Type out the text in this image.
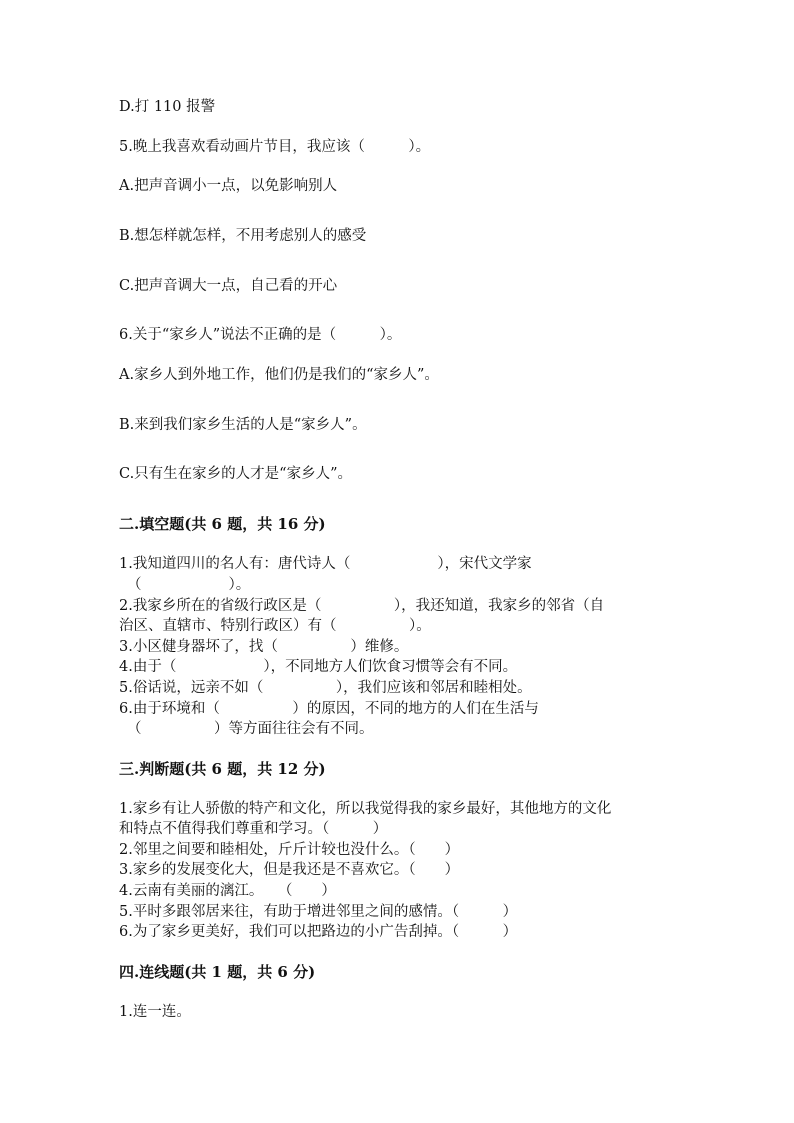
D.打 110 报警
5.晚上我喜欢看动画片节目，我应该（　　　）。
A.把声音调小一点，以免影响别人
B.想怎样就怎样，不用考虑别人的感受
C.把声音调大一点，自己看的开心
6.关于“家乡人”说法不正确的是（　　　）。
A.家乡人到外地工作，他们仍是我们的“家乡人”。
B.来到我们家乡生活的人是“家乡人”。
C.只有生在家乡的人才是“家乡人”。
二.填空题(共 6 题，共 16 分)
1.我知道四川的名人有：唐代诗人（　　　　　　），宋代文学家
（　　　　　　）。
2.我家乡所在的省级行政区是（　　　　　），我还知道，我家乡的邻省（自
治区、直辖市、特别行政区）有（　　　　　）。
3.小区健身器坏了，找（　　　　　）维修。
4.由于（　　　　　　），不同地方人们饮食习惯等会有不同。
5.俗话说，远亲不如（　　　　　），我们应该和邻居和睦相处。
6.由于环境和（　　　　　）的原因，不同的地方的人们在生活与
（　　　　　）等方面往往会有不同。
三.判断题(共 6 题，共 12 分)
1.家乡有让人骄傲的特产和文化，所以我觉得我的家乡最好，其他地方的文化
和特点不值得我们尊重和学习。（　　　）
2.邻里之间要和睦相处，斤斤计较也没什么。（　　）
3.家乡的发展变化大，但是我还是不喜欢它。（　　）
4.云南有美丽的漓江。　　（　　）
5.平时多跟邻居来往，有助于增进邻里之间的感情。（　　　）
6.为了家乡更美好，我们可以把路边的小广告刮掉。（　　　）
四.连线题(共 1 题，共 6 分)
1.连一连。
